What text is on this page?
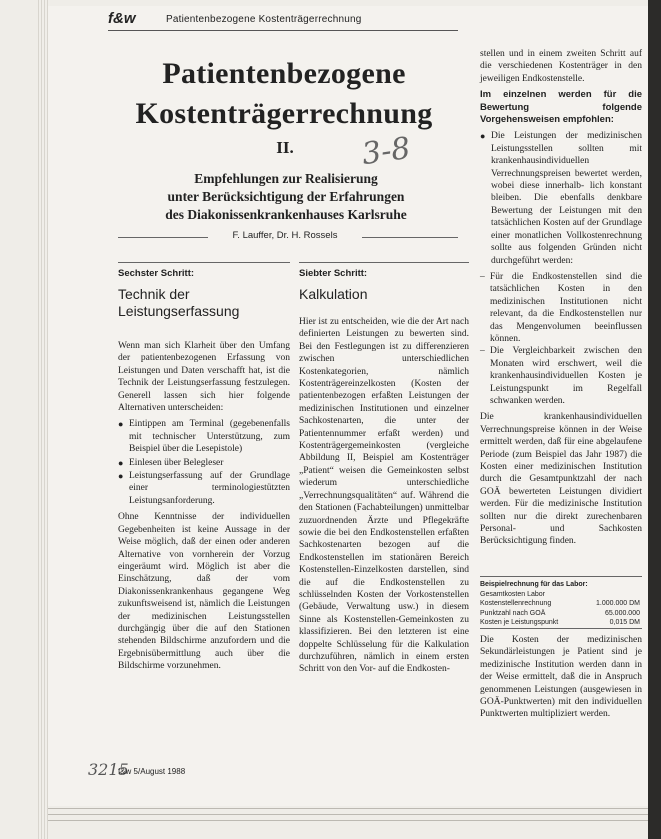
f&w	Patientenbezogene Kostenträgerrechnung
Patientenbezogene
Kostenträgerrechnung
II. 3-8
Empfehlungen zur Realisierung
unter Berücksichtigung der Erfahrungen
des Diakonissenkrankenhauses Karlsruhe
F. Lauffer, Dr. H. Rossels
Sechster Schritt:
Technik der
Leistungserfassung

Wenn man sich Klarheit über den Umfang der patientenbezogenen Erfassung von Leistungen und Daten verschafft hat, ist die Technik der Leistungserfassung festzulegen. Generell lassen sich hier folgende Alternativen unterscheiden:

● Eintippen am Terminal (gegebenenfalls mit technischer Unterstützung, zum Beispiel über die Lesepistole)
● Einlesen über Belegleser
● Leistungserfassung auf der Grundlage einer terminologiestützten Leistungsanforderung.

Ohne Kenntnisse der individuellen Gegebenheiten ist keine Aussage in der Weise möglich, daß der einen oder anderen Alternative von vornherein der Vorzug eingeräumt wird. Möglich ist aber die Einschätzung, daß der vom Diakonissenkrankenhaus gegangene Weg zukunftsweisend ist, nämlich die Leistungen der medizinischen Leistungsstellen durchgängig über die auf den Stationen stehenden Bildschirme anzufordern und die Ergebnisübermittlung auch über die Bildschirme vorzunehmen.

Siebter Schritt:
Kalkulation

Hier ist zu entscheiden, wie die der Art nach definierten Leistungen zu bewerten sind. Bei den Festlegungen ist zu differenzieren zwischen unterschiedlichen Kostenkategorien, nämlich Kostenträgereinzelkosten (Kosten der patientenbezogen erfaßten Leistungen der medizinischen Institutionen und einzelner Sachkostenarten, die unter der Patientennummer erfaßt werden) und Kostenträgergemeinkosten (vergleiche Abbildung II, Beispiel am Kostenträger „Patient“ weisen die Gemeinkosten selbst wiederum unterschiedliche „Verrechnungsqualitäten“ auf. Während die den Stationen (Fachabteilungen) unmittelbar zuzuordnenden Ärzte und Pflegekräfte sowie die bei den Endkostenstellen erfaßten Sachkostenarten bezogen auf die Endkostenstellen im stationären Bereich Kostenstellen-Einzelkosten darstellen, sind die auf die Endkostenstellen zu schlüsselnden Kosten der Vorkostenstellen (Gebäude, Verwaltung usw.) in diesem Sinne als Kostenstellen-Gemeinkosten zu klassifizieren. Bei den letzteren ist eine doppelte Schlüsselung für die Kalkulation durchzuführen, nämlich in einem ersten Schritt von den Vor- auf die Endkosten-

stellen und in einem zweiten Schritt auf die verschiedenen Kostenträger in den jeweiligen Endkostenstelle.

Im einzelnen werden für die Bewertung folgende Vorgehensweisen empfohlen:

● Die Leistungen der medizinischen Leistungsstellen sollten mit krankenhausindividuellen Verrechnungspreisen bewertet werden, wobei diese innerhalb- lich konstant bleiben. Die ebenfalls denkbare Bewertung der Leistungen mit den tatsächlichen Kosten auf der Grundlage einer monatlichen Vollkostenrechnung sollte aus folgenden Gründen nicht durchgeführt werden:

– Für die Endkostenstellen sind die tatsächlichen Kosten in den medizinischen Institutionen nicht relevant, da die Endkostenstellen nur das Mengenvolumen beeinflussen können.
– Die Vergleichbarkeit zwischen den Monaten wird erschwert, weil die krankenhausindividuellen Kosten je Leistungspunkt im Regelfall schwanken werden.

Die krankenhausindividuellen Verrechnungspreise können in der Weise ermittelt werden, daß für eine abgelaufene Periode (zum Beispiel das Jahr 1987) die Kosten einer medizinischen Institution durch die Gesamtpunktzahl der nach GOÄ bewerteten Leistungen dividiert werden. Für die medizinische Institution sollten nur die direkt zurechenbaren Personal- und Sachkosten Berücksichtigung finden.

Beispielrechnung für das Labor:
Gesamtkosten Labor
Kostenstellenrechnung	1.000.000 DM
Punktzahl nach GOÄ	65.000.000
Kosten je Leistungspunkt	0,015 DM

Die Kosten der medizinischen Sekundärleistungen je Patient sind je medizinische Institution werden dann in der Weise ermittelt, daß die in Anspruch genommenen Leistungen (ausgewiesen in GOÄ-Punktwerten) mit den individuellen Punktwerten multipliziert werden.

3215
f&w 5/August 1988
